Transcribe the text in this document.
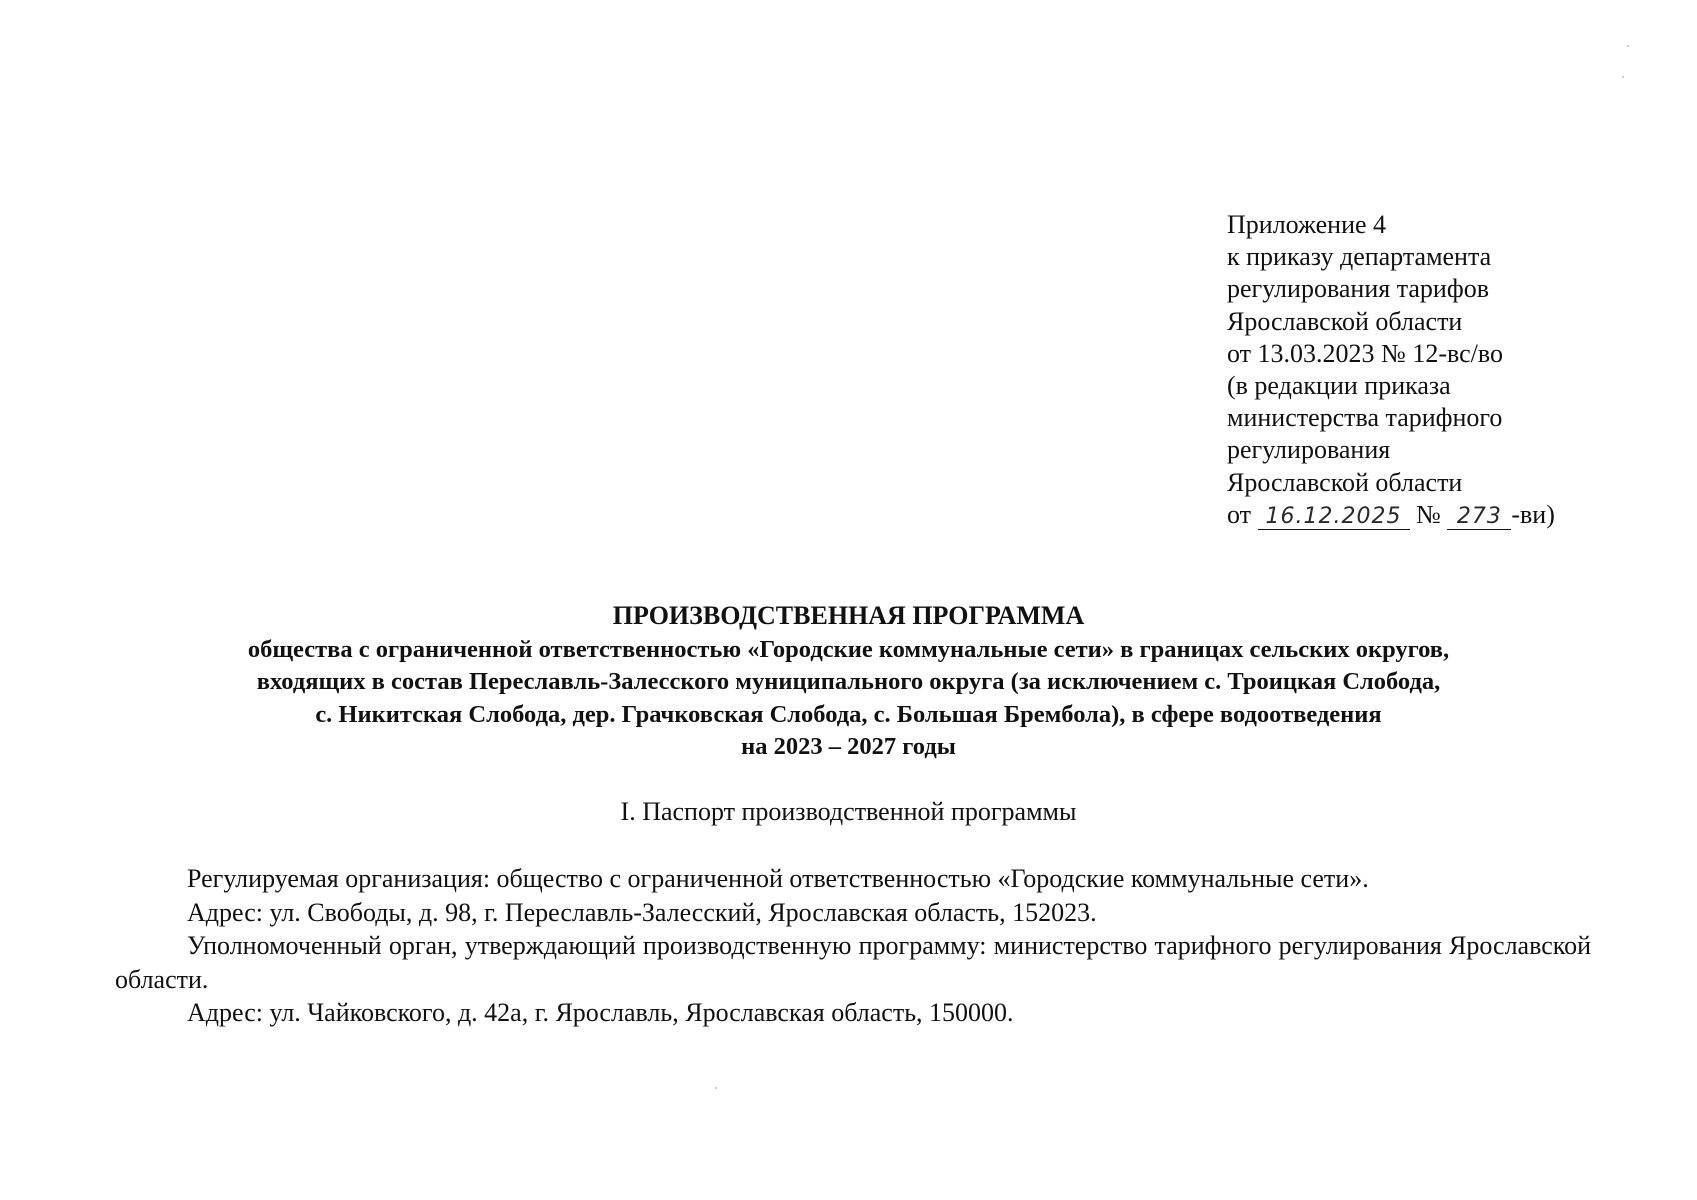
Приложение 4
к приказу департамента
регулирования тарифов
Ярославской области
от 13.03.2023 № 12-вс/во
(в редакции приказа
министерства тарифного
регулирования
Ярославской области
от 16.12.2025 № 273 -ви)
ПРОИЗВОДСТВЕННАЯ ПРОГРАММА
общества с ограниченной ответственностью «Городские коммунальные сети» в границах сельских округов,
входящих в состав Переславль-Залесского муниципального округа (за исключением с. Троицкая Слобода,
с. Никитская Слобода, дер. Грачковская Слобода, с. Большая Брембола), в сфере водоотведения
на 2023 – 2027 годы
I. Паспорт производственной программы

Регулируемая организация: общество с ограниченной ответственностью «Городские коммунальные сети».

Адрес: ул. Свободы, д. 98, г. Переславль-Залесский, Ярославская область, 152023.

Уполномоченный орган, утверждающий производственную программу: министерство тарифного регулирования Ярославской области.

Адрес: ул. Чайковского, д. 42а, г. Ярославль, Ярославская область, 150000.
